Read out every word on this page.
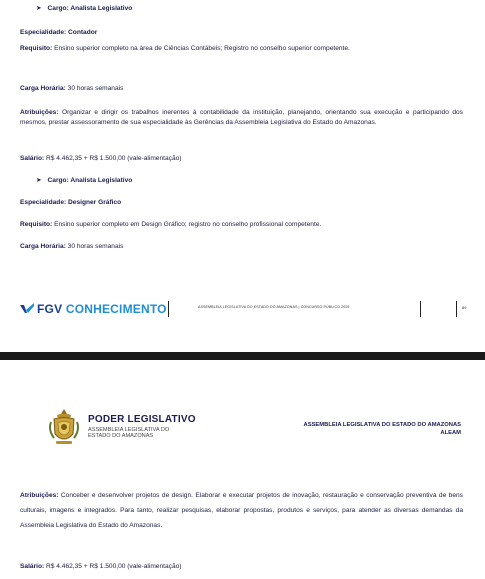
➤ Cargo: Analista Legislativo
Especialidade: Contador
Requisito: Ensino superior completo na área de Ciências Contábeis; Registro no conselho superior competente.
Carga Horária: 30 horas semanais
Atribuições: Organizar e dirigir os trabalhos inerentes à contabilidade da instituição, planejando, orientando sua execução e participando dos mesmos, prestar assessoramento de sua especialidade às Gerências da Assembleia Legislativa do Estado do Amazonas.
Salário: R$ 4.462,35 + R$ 1.500,00 (vale-alimentação)
➤ Cargo: Analista Legislativo
Especialidade: Designer Gráfico
Requisito: Ensino superior completo em Design Gráfico; registro no conselho profissional competente.
Carga Horária: 30 horas semanais
FGV CONHECIMENTO	ASSEMBLEIA LEGISLATIVA DO ESTADO DO AMAZONAS | CONCURSO PÚBLICO 2025	89
PODER LEGISLATIVO
ASSEMBLEIA LEGISLATIVA DO
ESTADO DO AMAZONAS
ASSEMBLEIA LEGISLATIVA DO ESTADO DO AMAZONAS
ALEAM
Atribuições: Conceber e desenvolver projetos de design. Elaborar e executar projetos de inovação, restauração e conservação preventiva de bens culturais, imagens e integrados. Para tanto, realizar pesquisas, elaborar propostas, produtos e serviços, para atender as diversas demandas da Assembleia Legislativa do Estado do Amazonas.
Salário: R$ 4.462,35 + R$ 1.500,00 (vale-alimentação)
